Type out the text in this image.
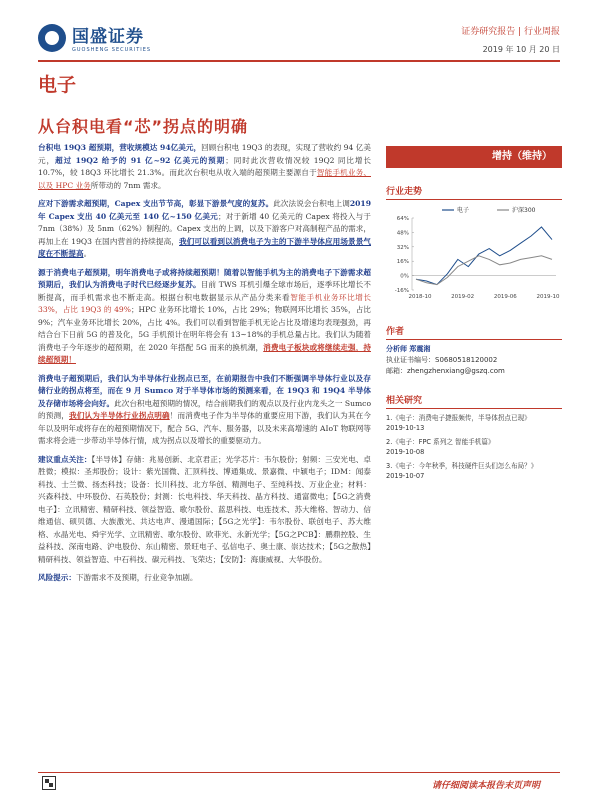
国盛证券
GUOSHENG SECURITIES
证券研究报告 | 行业周报
2019 年 10 月 20 日
电子
从台积电看“芯”拐点的明确

台积电 19Q3 超预期，营收规模达 94亿美元，回顾台积电 19Q3 的表现，实现了营收约 94 亿美元，超过 19Q2 给予的 91 亿~92 亿美元的预期；同时此次营收情况较 19Q2 同比增长 10.7%，较 18Q3 环比增长 21.3%。而此次台积电从收入端的超预期主要源自于智能手机业务、以及 HPC 业务所带动的 7nm 需求。

应对下游需求超预期，Capex 支出节节高，彰显下游景气度的复苏。此次法说会台积电上调2019 年 Capex 支出 40 亿美元至 140 亿~150 亿美元；对于新增 40 亿美元的 Capex 将投入与于 7nm（38%）及 5nm（62%）制程的。Capex 支出的上调，以及下游客户对高制程产品的需求，再加上在 19Q3 在国内营首的持续提高，我们可以看到以消费电子为主的下游半导体应用场景景气度在不断提高。

源于消费电子超预期，明年消费电子或将持续超预期！随着以智能手机为主的消费电子下游需求超预期后，我们认为消费电子时代已经逐步复苏。目前 TWS 耳机引爆全球市场后，逐季环比增长不断提高，而手机需求也不断走高。根据台积电数据显示从产品分类来看智能手机业务环比增长 33%，占比 19Q3 的 49%；HPC 业务环比增长 10%，占比 29%；物联网环比增长 35%，占比 9%；汽车业务环比增长 20%，占比 4%。我们可以看到智能手机无论占比及增速均表现强劲，再结合台下日前 5G 的普及化，5G 手机预计在明年将会有 13~18%的手机总量占比。我们认为随着消费电子今年逐步的超预期，在 2020 年搭配 5G 而来的换机潮，消费电子板块或将继续走强，持续超预期！

消费电子超预期后，我们认为半导体行业拐点已至，在前期报告中我们不断强调半导体行业以及存储行业的拐点将至，而在 9 月 Sumco 对于半导体市场的预测来看，在 19Q3 和 19Q4 半导体及存储市场将会向好。此次台积电超预期的情况，结合前期我们的观点以及行业内龙头之一 Sumco 的预测，我们认为半导体行业拐点明确！而消费电子作为半导体的重要应用下游，我们认为其在今年以及明年或将存在的超预期情况下，配合 5G、汽车、服务器，以及未来高增速的 AIoT 物联网等需求将会进一步带动半导体行情，成为拐点以及增长的重要驱动力。

建议重点关注：【半导体】存储：兆易创新、北京君正；光学芯片：韦尔股份；射频：三安光电、卓胜微；模拟：圣邦股份；设计：紫光国微、汇顶科技、博通集成、景嘉微、中颖电子；IDM：闻泰科技、士兰微、扬杰科技；设备：长川科技、北方华创、精测电子、至纯科技、万业企业；材料：兴森科技、中环股份、石英股份；封测：长电科技、华天科技、晶方科技、通富微电；【5G之消费电子】：立讯精密、精研科技、领益智造、歌尔股份、蓝思科技、电连技术、苏大维格、智动力、信维通信、硕贝德、大族激光、共达电声、漫通国际；【5G之光学】：韦尔股份、联创电子、苏大维格、水晶光电、舜宇光学、立讯精密、歌尔股份、欧菲光、永新光学；【5G之PCB】：鹏鼎控股、生益科技、深南电路、沪电股份、东山精密、景旺电子、弘信电子、奥士康、崇达技术；【5G之散热】精研科技、领益智造、中石科技、碳元科技、飞荣达；【安防】：海康威视、大华股份。

风险提示：下游需求不及预期，行业竞争加剧。

增持（维持）
行业走势
-16%
0%
16%
32%
48%
64%
2018-10	2019-02	2019-06	2019-10
电子	沪深300
作者
分析师 郑震湘
执业证书编号：S0680518120002
邮箱：zhengzhenxiang@gszq.com
相关研究
1.《电子：消费电子捷报频传，半导体拐点已现》
2019-10-13
2.《电子：FPC 系列之 智能手机篇》
2019-10-08
3.《电子：今年秋季，科技硬件巨头们怎么布局？》
2019-10-07
请仔细阅读本报告末页声明
